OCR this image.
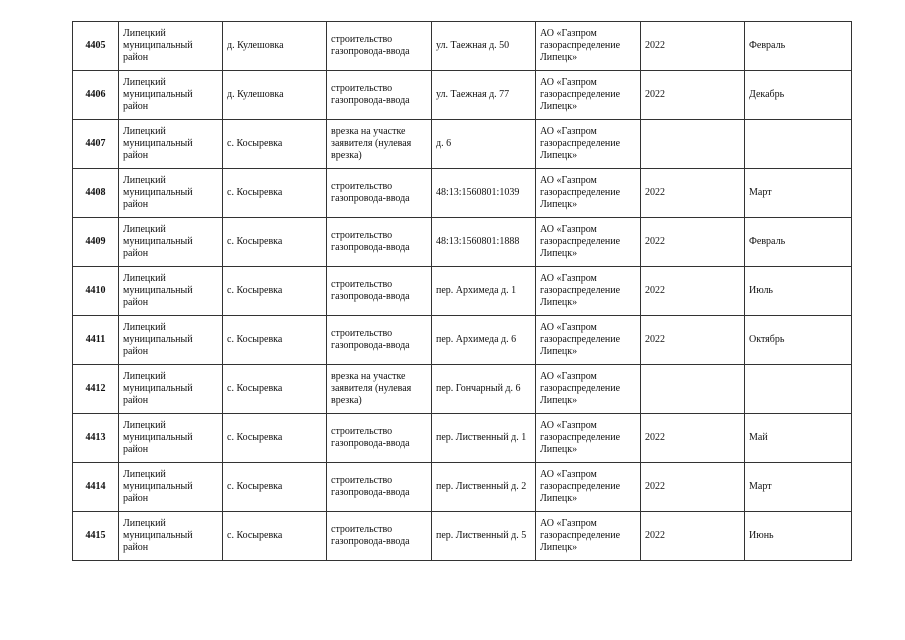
4405	Липецкий муниципальный район	д. Кулешовка	строительство газопровода-ввода	ул. Таежная д. 50	АО «Газпром газораспределение Липецк»	2022	Февраль
4406	Липецкий муниципальный район	д. Кулешовка	строительство газопровода-ввода	ул. Таежная д. 77	АО «Газпром газораспределение Липецк»	2022	Декабрь
4407	Липецкий муниципальный район	с. Косыревка	врезка на участке заявителя (нулевая врезка)	д. 6	АО «Газпром газораспределение Липецк»		
4408	Липецкий муниципальный район	с. Косыревка	строительство газопровода-ввода	48:13:1560801:1039	АО «Газпром газораспределение Липецк»	2022	Март
4409	Липецкий муниципальный район	с. Косыревка	строительство газопровода-ввода	48:13:1560801:1888	АО «Газпром газораспределение Липецк»	2022	Февраль
4410	Липецкий муниципальный район	с. Косыревка	строительство газопровода-ввода	пер. Архимеда д. 1	АО «Газпром газораспределение Липецк»	2022	Июль
4411	Липецкий муниципальный район	с. Косыревка	строительство газопровода-ввода	пер. Архимеда д. 6	АО «Газпром газораспределение Липецк»	2022	Октябрь
4412	Липецкий муниципальный район	с. Косыревка	врезка на участке заявителя (нулевая врезка)	пер. Гончарный д. 6	АО «Газпром газораспределение Липецк»		
4413	Липецкий муниципальный район	с. Косыревка	строительство газопровода-ввода	пер. Лиственный д. 1	АО «Газпром газораспределение Липецк»	2022	Май
4414	Липецкий муниципальный район	с. Косыревка	строительство газопровода-ввода	пер. Лиственный д. 2	АО «Газпром газораспределение Липецк»	2022	Март
4415	Липецкий муниципальный район	с. Косыревка	строительство газопровода-ввода	пер. Лиственный д. 5	АО «Газпром газораспределение Липецк»	2022	Июнь
